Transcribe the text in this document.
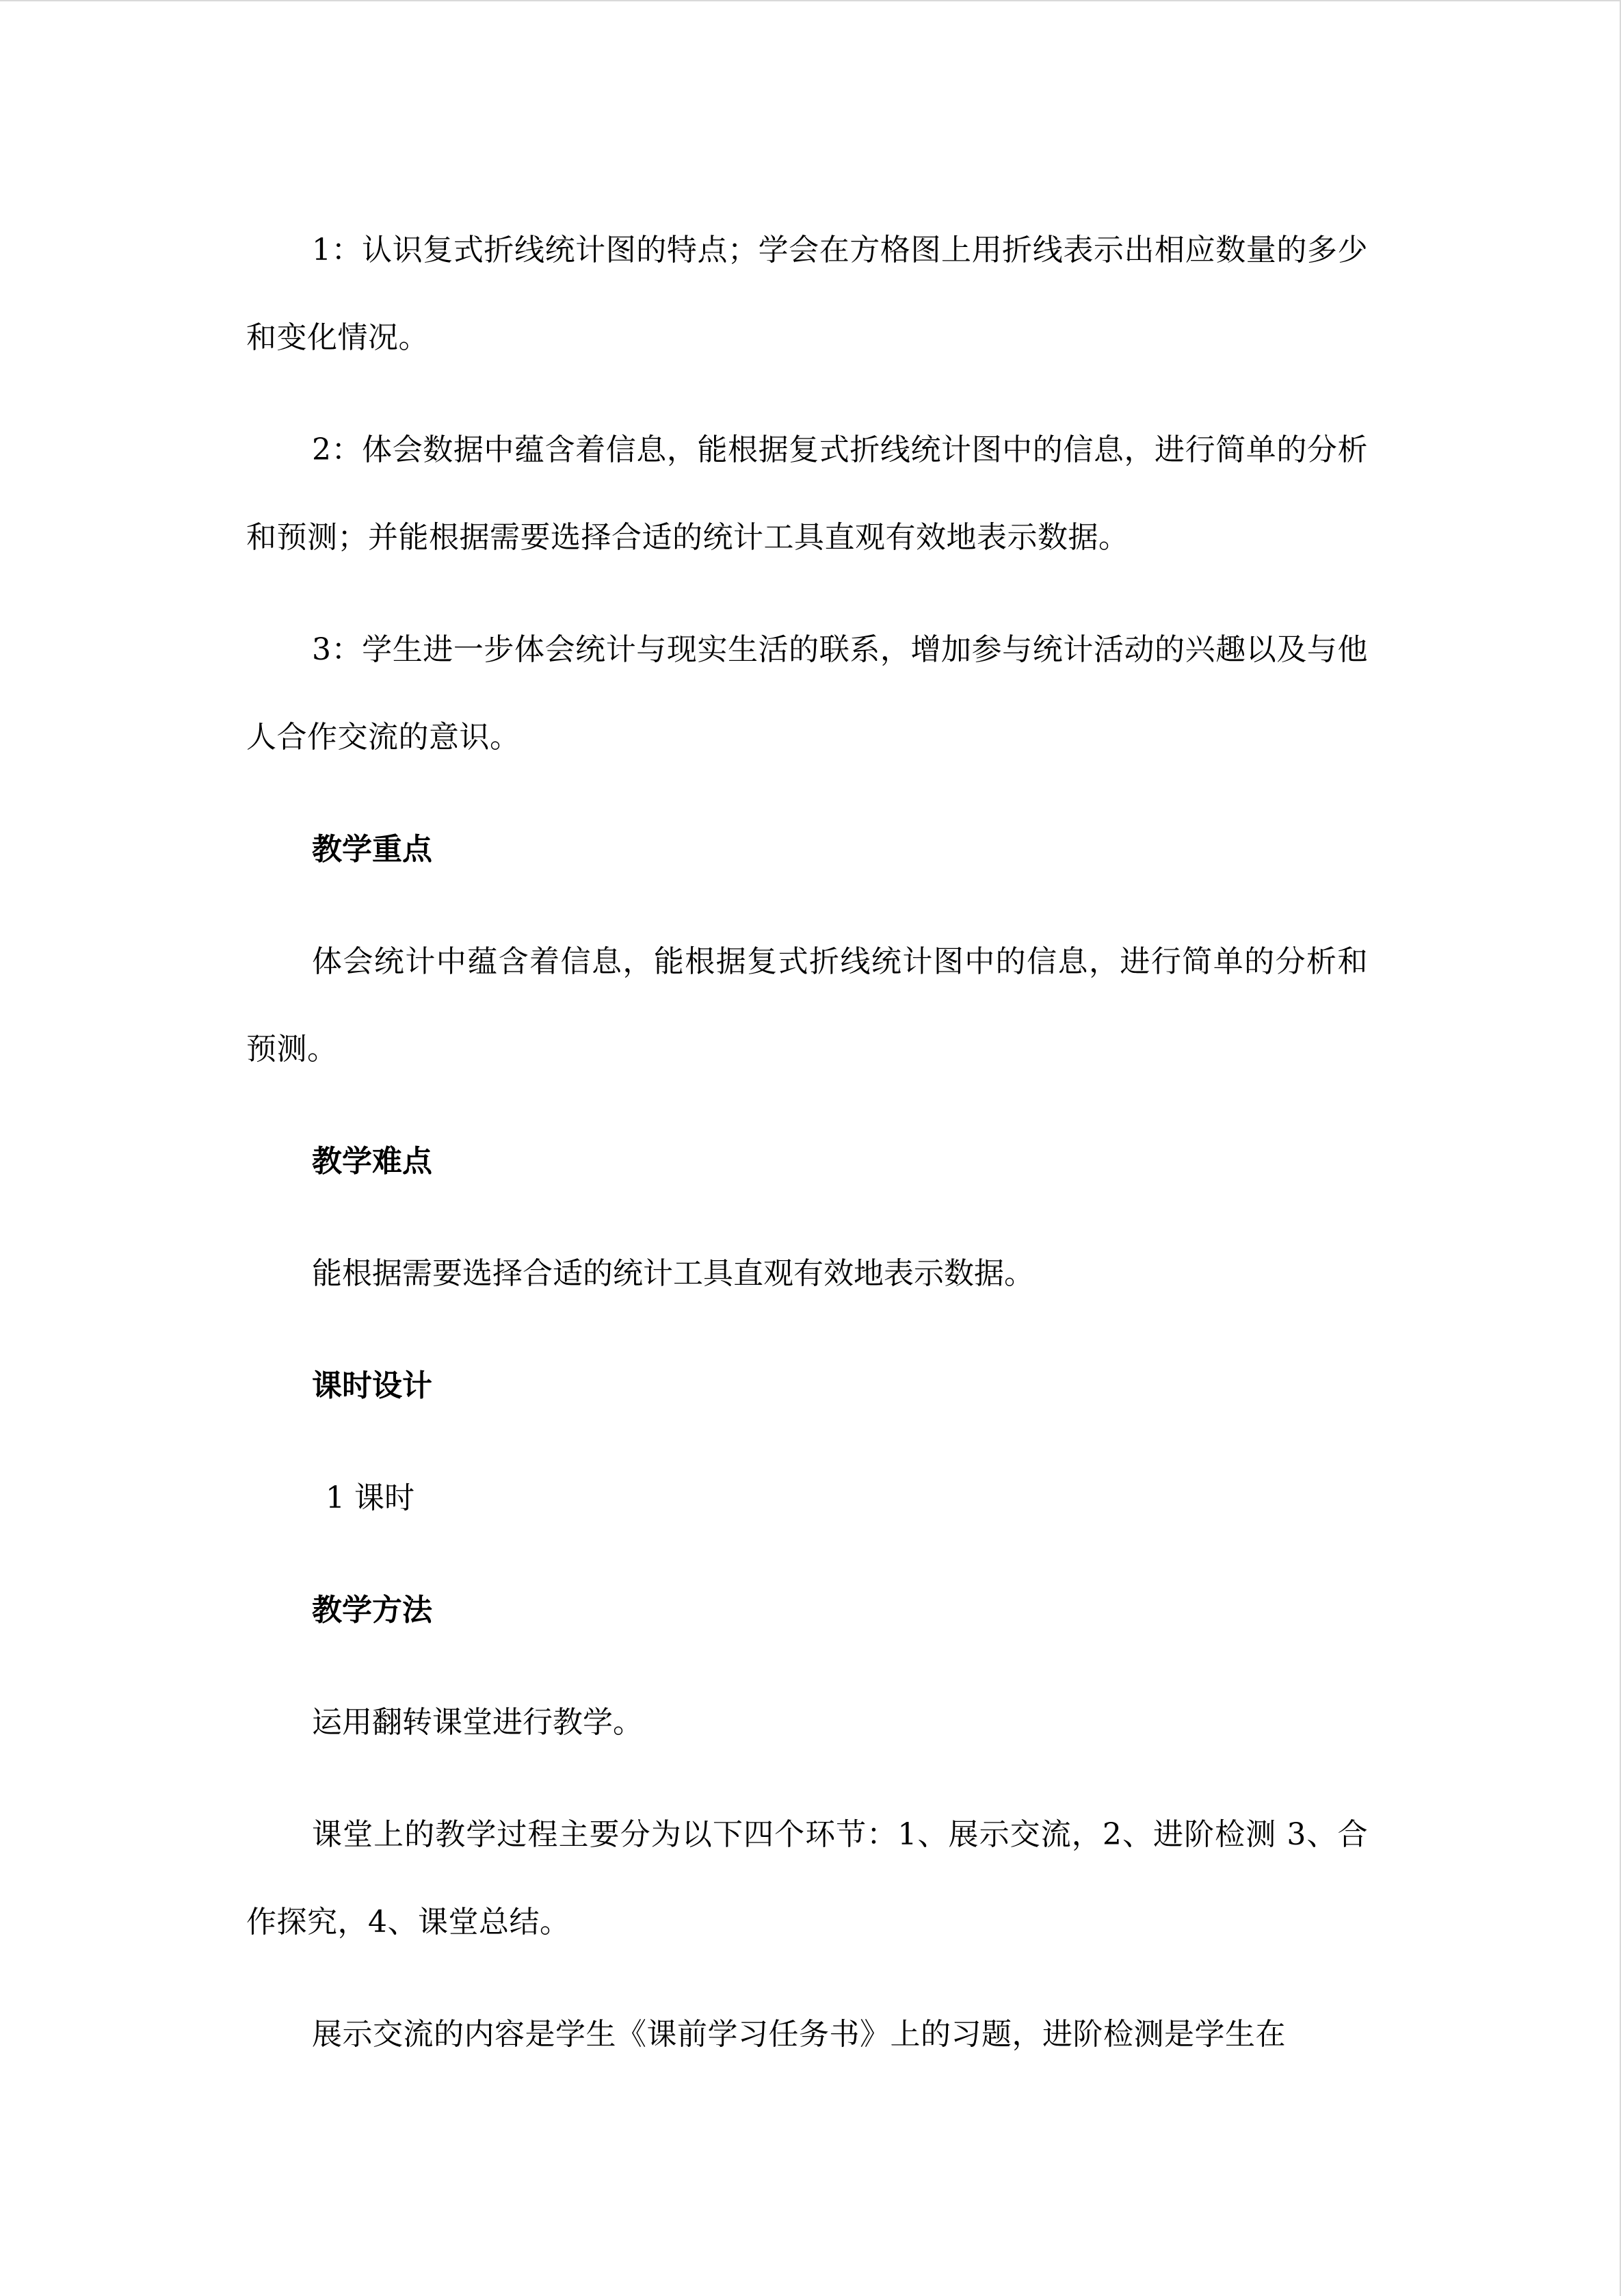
1：认识复式折线统计图的特点；学会在方格图上用折线表示出相应数量的多少和变化情况。

2：体会数据中蕴含着信息，能根据复式折线统计图中的信息，进行简单的分析和预测；并能根据需要选择合适的统计工具直观有效地表示数据。

3：学生进一步体会统计与现实生活的联系，增加参与统计活动的兴趣以及与他人合作交流的意识。

教学重点

体会统计中蕴含着信息，能根据复式折线统计图中的信息，进行简单的分析和预测。

教学难点

能根据需要选择合适的统计工具直观有效地表示数据。

课时设计

1 课时

教学方法

运用翻转课堂进行教学。

课堂上的教学过程主要分为以下四个环节：1、展示交流，2、进阶检测 3、合作探究，4、课堂总结。

展示交流的内容是学生《课前学习任务书》上的习题，进阶检测是学生在
